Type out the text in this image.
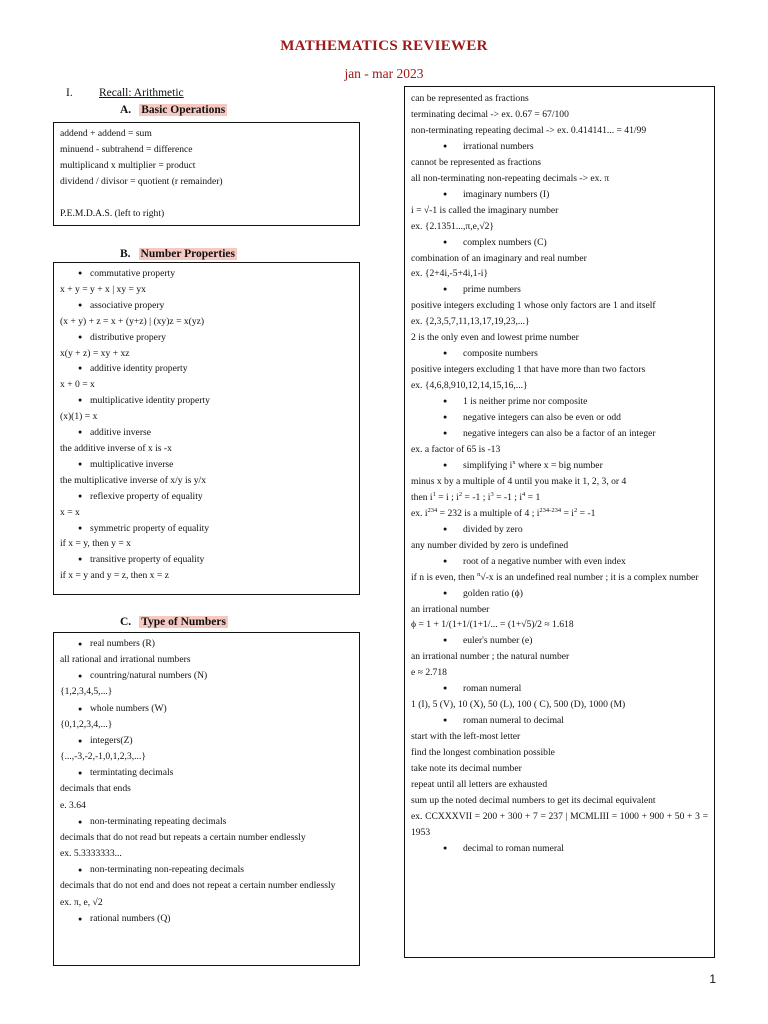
MATHEMATICS REVIEWER
jan - mar 2023
I. Recall: Arithmetic
A. Basic Operations
addend + addend = sum
minuend - subtrahend = difference
multiplicand x multiplier = product
dividend / divisor = quotient (r remainder)
P.E.M.D.A.S. (left to right)
B. Number Properties
● commutative property
x + y = y + x | xy = yx
● associative propery
(x + y) + z = x + (y+z) | (xy)z = x(yz)
● distributive propery
x(y + z) = xy + xz
● additive identity property
x + 0 = x
● multiplicative identity property
(x)(1) = x
● additive inverse
the additive inverse of x is -x
● multiplicative inverse
the multiplicative inverse of x/y is y/x
● reflexive property of equality
x = x
● symmetric property of equality
if x = y, then y = x
● transitive property of equality
if x = y and y = z, then x = z
C. Type of Numbers
● real numbers (R)
all rational and irrational numbers
● countring/natural numbers (N)
{1,2,3,4,5,...}
● whole numbers (W)
{0,1,2,3,4,...}
● integers(Z)
{...,-3,-2,-1,0,1,2,3,...}
● termintating decimals
decimals that ends
e. 3.64
● non-terminating repeating decimals
decimals that do not read but repeats a certain number endlessly
ex. 5.3333333...
● non-terminating non-repeating decimals
decimals that do not end and does not repeat a certain number endlessly
ex. π, e, √2
● rational numbers (Q)
can be represented as fractions
terminating decimal -> ex. 0.67 = 67/100
non-terminating repeating decimal -> ex. 0.414141... = 41/99
● irrational numbers
cannot be represented as fractions
all non-terminating non-repeating decimals -> ex. π
● imaginary numbers (I)
i = √-1 is called the imaginary number
ex. {2.1351...,π,e,√2}
● complex numbers (C)
combination of an imaginary and real number
ex. {2+4i,-5+4i,1-i}
● prime numbers
positive integers excluding 1 whose only factors are 1 and itself
ex. {2,3,5,7,11,13,17,19,23,...}
2 is the only even and lowest prime number
● composite numbers
positive integers excluding 1 that have more than two factors
ex. {4,6,8,910,12,14,15,16,...}
● 1 is neither prime nor composite
● negative integers can also be even or odd
● negative integers can also be a factor of an integer
ex. a factor of 65 is -13
● simplifying $i^x$ where x = big number
minus x by a multiple of 4 until you make it 1, 2, 3, or 4
then $i^1 = i$ ; $i^2 = -1$ ; $i^3 = -1$ ; $i^4 = 1$
ex. $i^{234} = 232$ is a multiple of 4 ; $i^{234-234} = i^2 = -1$
● divided by zero
any number divided by zero is undefined
● root of a negative number with even index
if n is even, then $^n$√-x is an undefined real number ; it is a complex number
● golden ratio (ϕ)
an irrational number
ϕ = 1 + 1/(1+1/(1+1/... = (1+√5)/2 ≈ 1.618
● euler's number (e)
an irrational number ; the natural number
e ≈ 2.718
● roman numeral
1 (I), 5 (V), 10 (X), 50 (L), 100 ( C), 500 (D), 1000 (M)
● roman numeral to decimal
start with the left-most letter
find the longest combination possible
take note its decimal number
repeat until all letters are exhausted
sum up the noted decimal numbers to get its decimal equivalent
ex. CCXXXVII = 200 + 300 + 7 = 237 | MCMLIII = 1000 + 900 + 50 + 3 = 1953
● decimal to roman numeral
1
